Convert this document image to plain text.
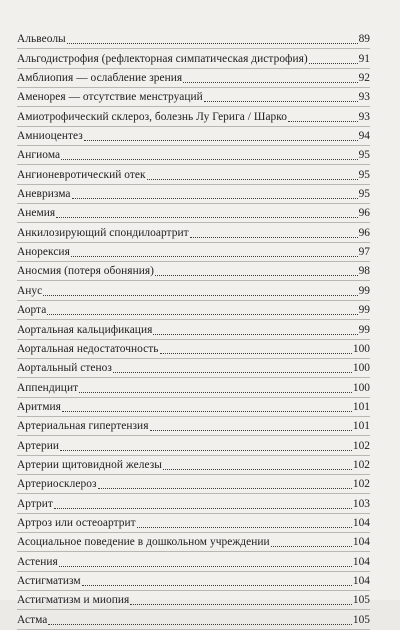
Альвеолы	89
Альгодистрофия (рефлекторная симпатическая дистрофия)	91
Амблиопия — ослабление зрения	92
Аменорея — отсутствие менструаций	93
Амиотрофический склероз, болезнь Лу Герига / Шарко	93
Амниоцентез	94
Ангиома	95
Ангионевротический отек	95
Аневризма	95
Анемия	96
Анкилозирующий спондилоартрит	96
Анорексия	97
Аносмия (потеря обоняния)	98
Анус	99
Аорта	99
Аортальная кальцификация	99
Аортальная недостаточность	100
Аортальный стеноз	100
Аппендицит	100
Аритмия	101
Артериальная гипертензия	101
Артерии	102
Артерии щитовидной железы	102
Артериосклероз	102
Артрит	103
Артроз или остеоартрит	104
Асоциальное поведение в дошкольном учреждении	104
Астения	104
Астигматизм	104
Астигматизм и миопия	105
Астма	105
